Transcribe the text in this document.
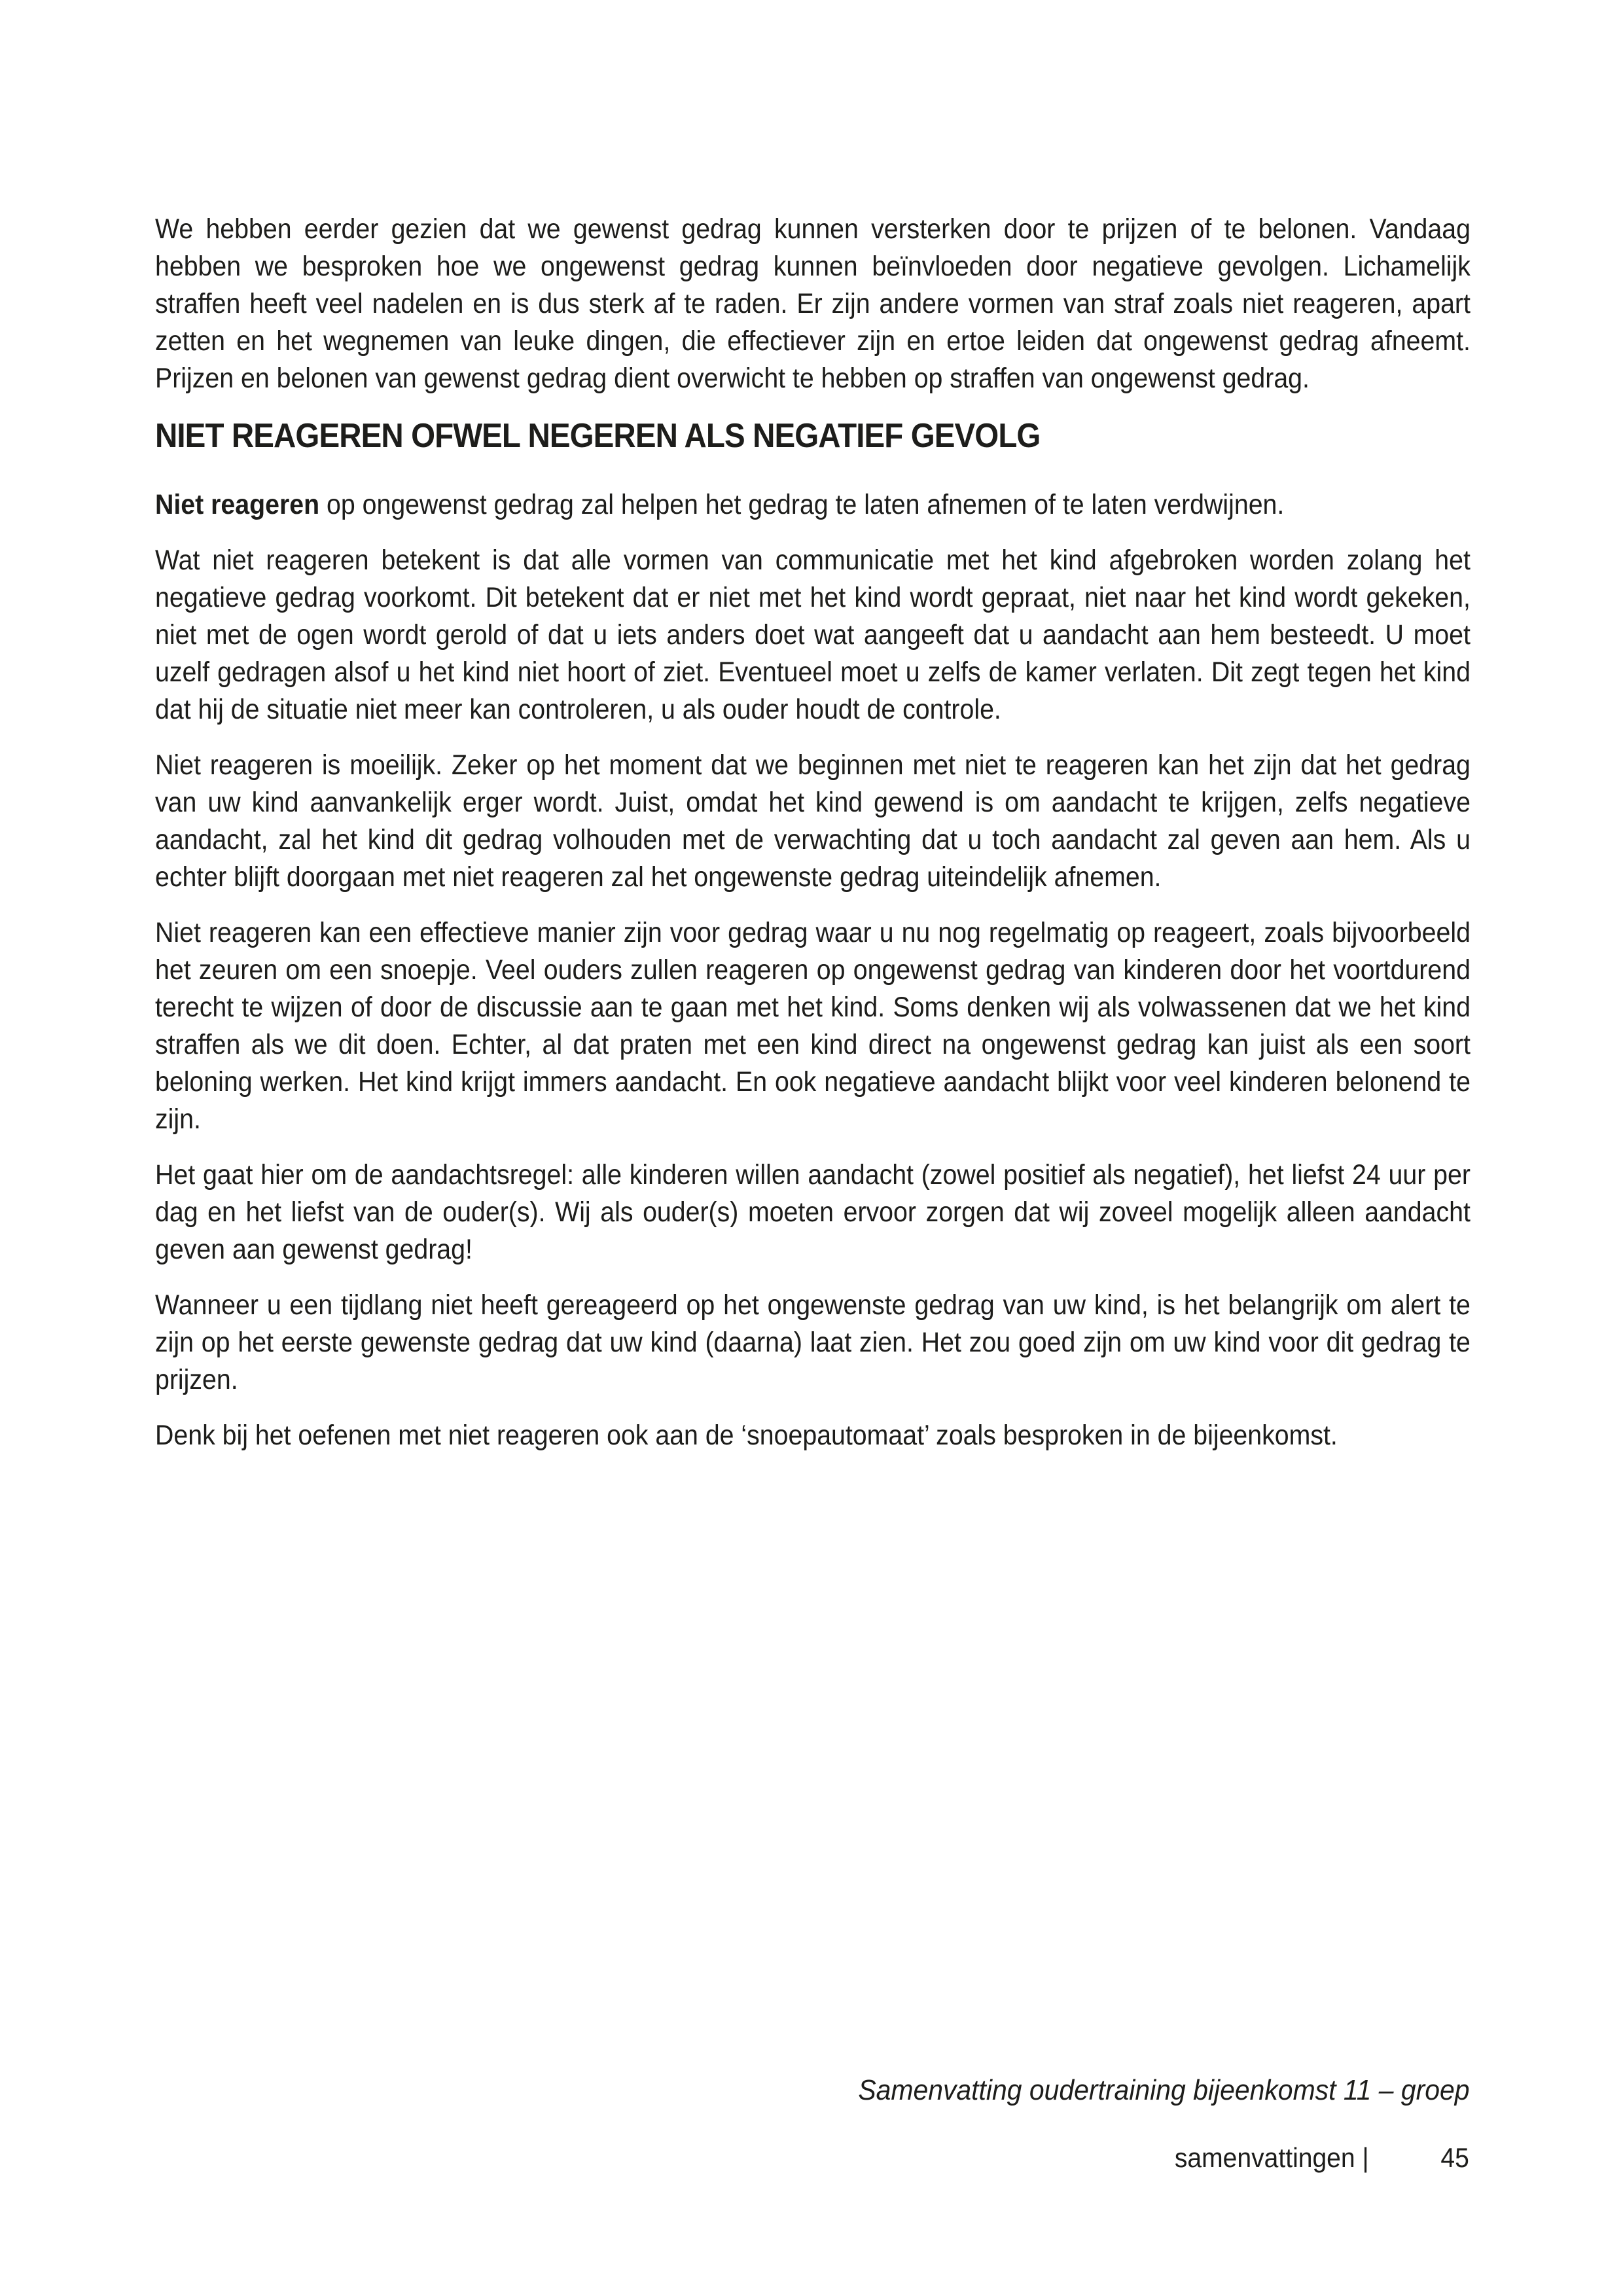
We hebben eerder gezien dat we gewenst gedrag kunnen versterken door te prijzen of te belonen. Vandaag hebben we besproken hoe we ongewenst gedrag kunnen beïnvloeden door negatieve gevolgen. Lichamelijk straffen heeft veel nadelen en is dus sterk af te raden. Er zijn andere vormen van straf zoals niet reageren, apart zetten en het wegnemen van leuke dingen, die effectiever zijn en ertoe leiden dat ongewenst gedrag afneemt. Prijzen en belonen van gewenst gedrag dient overwicht te hebben op straffen van ongewenst gedrag.

NIET REAGEREN OFWEL NEGEREN ALS NEGATIEF GEVOLG

Niet reageren op ongewenst gedrag zal helpen het gedrag te laten afnemen of te laten verdwijnen.

Wat niet reageren betekent is dat alle vormen van communicatie met het kind afgebroken worden zolang het negatieve gedrag voorkomt. Dit betekent dat er niet met het kind wordt gepraat, niet naar het kind wordt gekeken, niet met de ogen wordt gerold of dat u iets anders doet wat aangeeft dat u aandacht aan hem besteedt. U moet uzelf gedragen alsof u het kind niet hoort of ziet. Eventueel moet u zelfs de kamer verlaten. Dit zegt tegen het kind dat hij de situatie niet meer kan controleren, u als ouder houdt de controle.

Niet reageren is moeilijk. Zeker op het moment dat we beginnen met niet te reageren kan het zijn dat het gedrag van uw kind aanvankelijk erger wordt. Juist, omdat het kind gewend is om aandacht te krijgen, zelfs negatieve aandacht, zal het kind dit gedrag volhouden met de verwachting dat u toch aandacht zal geven aan hem. Als u echter blijft doorgaan met niet reageren zal het ongewenste gedrag uiteindelijk afnemen.

Niet reageren kan een effectieve manier zijn voor gedrag waar u nu nog regelmatig op reageert, zoals bijvoorbeeld het zeuren om een snoepje. Veel ouders zullen reageren op ongewenst gedrag van kinderen door het voortdurend terecht te wijzen of door de discussie aan te gaan met het kind. Soms denken wij als volwassenen dat we het kind straffen als we dit doen. Echter, al dat praten met een kind direct na ongewenst gedrag kan juist als een soort beloning werken. Het kind krijgt immers aandacht. En ook negatieve aandacht blijkt voor veel kinderen belonend te zijn.

Het gaat hier om de aandachtsregel: alle kinderen willen aandacht (zowel positief als negatief), het liefst 24 uur per dag en het liefst van de ouder(s). Wij als ouder(s) moeten ervoor zorgen dat wij zoveel mogelijk alleen aandacht geven aan gewenst gedrag!

Wanneer u een tijdlang niet heeft gereageerd op het ongewenste gedrag van uw kind, is het belangrijk om alert te zijn op het eerste gewenste gedrag dat uw kind (daarna) laat zien. Het zou goed zijn om uw kind voor dit gedrag te prijzen.

Denk bij het oefenen met niet reageren ook aan de ‘snoepautomaat’ zoals besproken in de bijeenkomst.

Samenvatting oudertraining bijeenkomst 11 – groep
samenvattingen |	45
